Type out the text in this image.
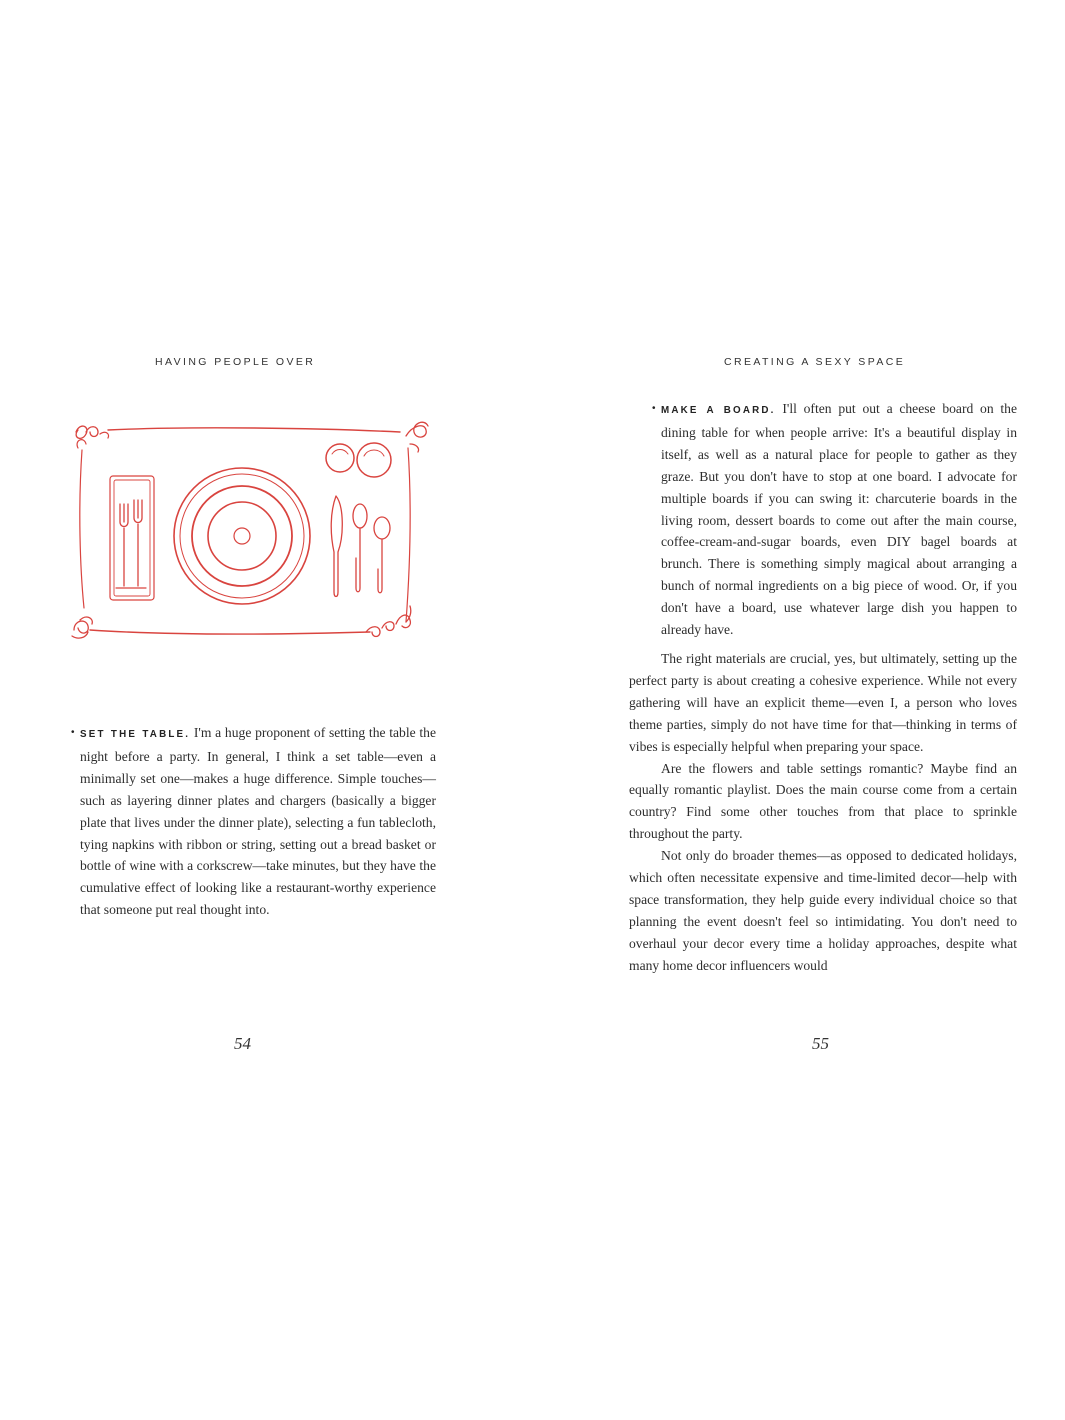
HAVING PEOPLE OVER
• SET THE TABLE. I'm a huge proponent of setting the table the night before a party. In general, I think a set table—even a minimally set one—makes a huge difference. Simple touches—such as layering dinner plates and chargers (basically a bigger plate that lives under the dinner plate), selecting a fun tablecloth, tying napkins with ribbon or string, setting out a bread basket or bottle of wine with a corkscrew—take minutes, but they have the cumulative effect of looking like a restaurant-worthy experience that someone put real thought into.

54
CREATING A SEXY SPACE
• MAKE A BOARD. I'll often put out a cheese board on the dining table for when people arrive: It's a beautiful display in itself, as well as a natural place for people to gather as they graze. But you don't have to stop at one board. I advocate for multiple boards if you can swing it: charcuterie boards in the living room, dessert boards to come out after the main course, coffee-cream-and-sugar boards, even DIY bagel boards at brunch. There is something simply magical about arranging a bunch of normal ingredients on a big piece of wood. Or, if you don't have a board, use whatever large dish you happen to already have.

The right materials are crucial, yes, but ultimately, setting up the perfect party is about creating a cohesive experience. While not every gathering will have an explicit theme—even I, a person who loves theme parties, simply do not have time for that—thinking in terms of vibes is especially helpful when preparing your space.

Are the flowers and table settings romantic? Maybe find an equally romantic playlist. Does the main course come from a certain country? Find some other touches from that place to sprinkle throughout the party.

Not only do broader themes—as opposed to dedicated holidays, which often necessitate expensive and time-limited decor—help with space transformation, they help guide every individual choice so that planning the event doesn't feel so intimidating. You don't need to overhaul your decor every time a holiday approaches, despite what many home decor influencers would

55
